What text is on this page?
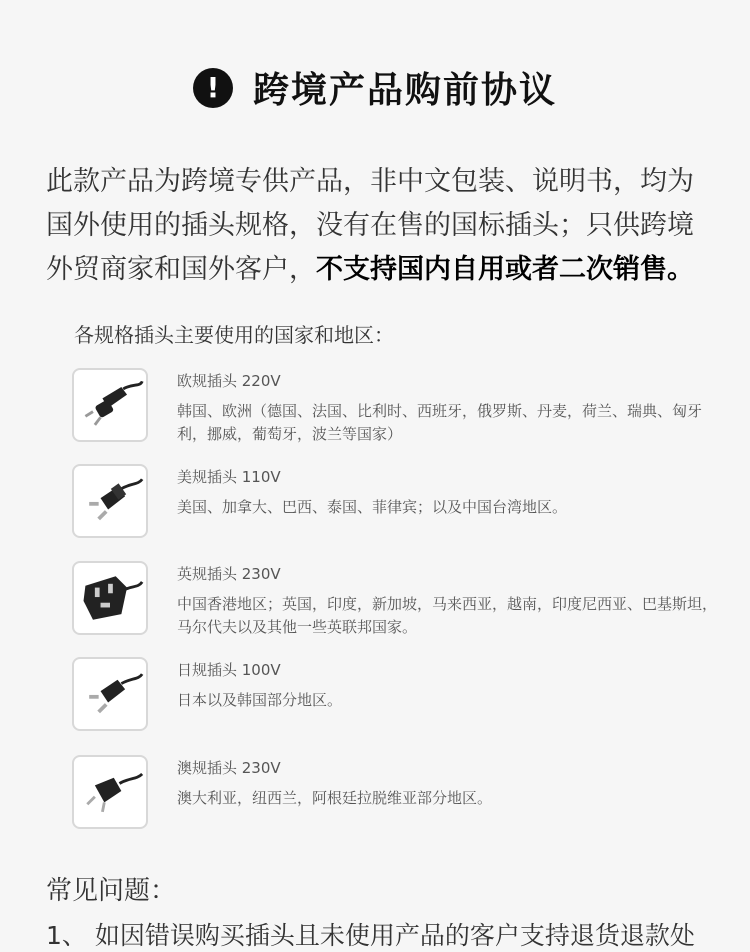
! 跨境产品购前协议
此款产品为跨境专供产品，非中文包装、说明书，均为国外使用的插头规格，没有在售的国标插头；只供跨境外贸商家和国外客户，不支持国内自用或者二次销售。
各规格插头主要使用的国家和地区：
欧规插头 220V
韩国、欧洲（德国、法国、比利时、西班牙，俄罗斯、丹麦，荷兰、瑞典、匈牙利，挪威，葡萄牙，波兰等国家）
美规插头 110V
美国、加拿大、巴西、泰国、菲律宾；以及中国台湾地区。
英规插头 230V
中国香港地区；英国，印度，新加坡，马来西亚，越南，印度尼西亚、巴基斯坦，马尔代夫以及其他一些英联邦国家。
日规插头 100V
日本以及韩国部分地区。
澳规插头 230V
澳大利亚，纽西兰，阿根廷拉脱维亚部分地区。
常见问题：
1、 如因错误购买插头且未使用产品的客户支持退货退款处
